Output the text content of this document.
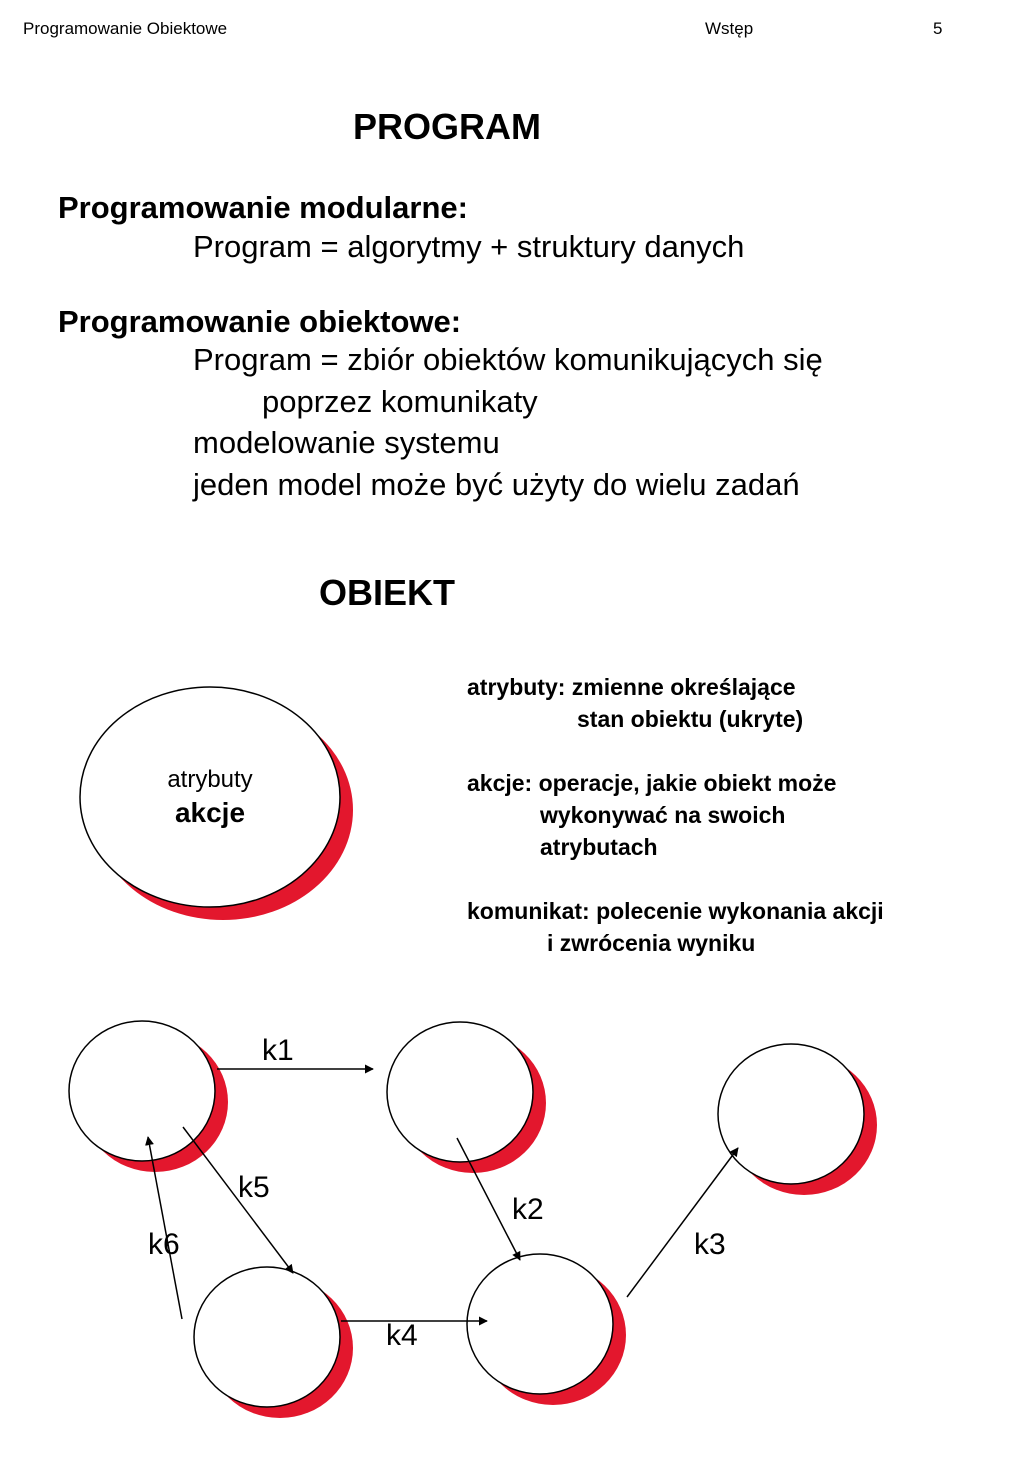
Programowanie Obiektowe	Wstęp	5
PROGRAM
Programowanie modularne:
Program = algorytmy + struktury danych
Programowanie obiektowe:
Program = zbiór obiektów komunikujących się
poprzez komunikaty
modelowanie systemu
jeden model może być użyty do wielu zadań
OBIEKT
k1
k2
k3
k4
k5
k6
atrybuty
akcje
atrybuty: zmienne określające
stan obiektu (ukryte)
akcje: operacje, jakie obiekt może
wykonywać na swoich
atrybutach
komunikat: polecenie wykonania akcji
i zwrócenia wyniku
